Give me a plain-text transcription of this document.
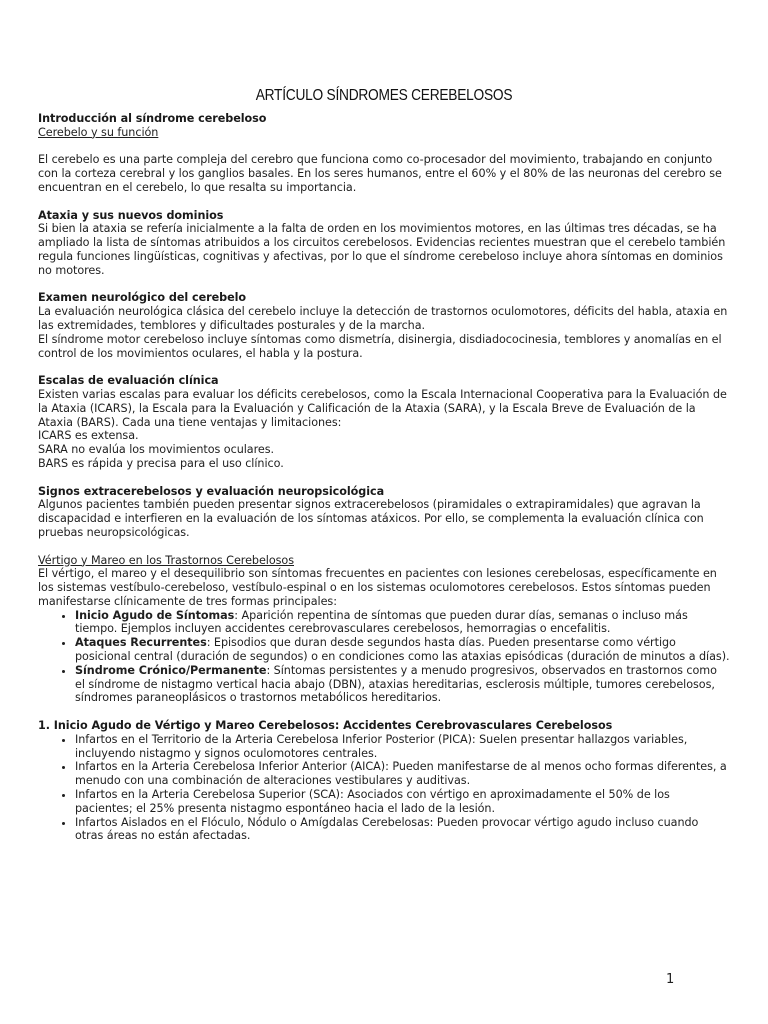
ARTÍCULO SÍNDROMES CEREBELOSOS

Introducción al síndrome cerebeloso

Cerebelo y su función

El cerebelo es una parte compleja del cerebro que funciona como co-procesador del movimiento, trabajando en conjunto con la corteza cerebral y los ganglios basales. En los seres humanos, entre el 60% y el 80% de las neuronas del cerebro se encuentran en el cerebelo, lo que resalta su importancia.

Ataxia y sus nuevos dominios

Si bien la ataxia se refería inicialmente a la falta de orden en los movimientos motores, en las últimas tres décadas, se ha ampliado la lista de síntomas atribuidos a los circuitos cerebelosos. Evidencias recientes muestran que el cerebelo también regula funciones lingüísticas, cognitivas y afectivas, por lo que el síndrome cerebeloso incluye ahora síntomas en dominios no motores.

Examen neurológico del cerebelo

La evaluación neurológica clásica del cerebelo incluye la detección de trastornos oculomotores, déficits del habla, ataxia en las extremidades, temblores y dificultades posturales y de la marcha.

El síndrome motor cerebeloso incluye síntomas como dismetría, disinergia, disdiadococinesia, temblores y anomalías en el control de los movimientos oculares, el habla y la postura.

Escalas de evaluación clínica

Existen varias escalas para evaluar los déficits cerebelosos, como la Escala Internacional Cooperativa para la Evaluación de la Ataxia (ICARS), la Escala para la Evaluación y Calificación de la Ataxia (SARA), y la Escala Breve de Evaluación de la Ataxia (BARS). Cada una tiene ventajas y limitaciones:

ICARS es extensa.

SARA no evalúa los movimientos oculares.

BARS es rápida y precisa para el uso clínico.

Signos extracerebelosos y evaluación neuropsicológica

Algunos pacientes también pueden presentar signos extracerebelosos (piramidales o extrapiramidales) que agravan la discapacidad e interfieren en la evaluación de los síntomas atáxicos. Por ello, se complementa la evaluación clínica con pruebas neuropsicológicas.

Vértigo y Mareo en los Trastornos Cerebelosos

El vértigo, el mareo y el desequilibrio son síntomas frecuentes en pacientes con lesiones cerebelosas, específicamente en los sistemas vestíbulo-cerebeloso, vestíbulo-espinal o en los sistemas oculomotores cerebelosos. Estos síntomas pueden manifestarse clínicamente de tres formas principales:

• Inicio Agudo de Síntomas: Aparición repentina de síntomas que pueden durar días, semanas o incluso más tiempo. Ejemplos incluyen accidentes cerebrovasculares cerebelosos, hemorragias o encefalitis.
• Ataques Recurrentes: Episodios que duran desde segundos hasta días. Pueden presentarse como vértigo posicional central (duración de segundos) o en condiciones como las ataxias episódicas (duración de minutos a días).
• Síndrome Crónico/Permanente: Síntomas persistentes y a menudo progresivos, observados en trastornos como el síndrome de nistagmo vertical hacia abajo (DBN), ataxias hereditarias, esclerosis múltiple, tumores cerebelosos, síndromes paraneoplásicos o trastornos metabólicos hereditarios.

1. Inicio Agudo de Vértigo y Mareo Cerebelosos: Accidentes Cerebrovasculares Cerebelosos

• Infartos en el Territorio de la Arteria Cerebelosa Inferior Posterior (PICA): Suelen presentar hallazgos variables, incluyendo nistagmo y signos oculomotores centrales.
• Infartos en la Arteria Cerebelosa Inferior Anterior (AICA): Pueden manifestarse de al menos ocho formas diferentes, a menudo con una combinación de alteraciones vestibulares y auditivas.
• Infartos en la Arteria Cerebelosa Superior (SCA): Asociados con vértigo en aproximadamente el 50% de los pacientes; el 25% presenta nistagmo espontáneo hacia el lado de la lesión.
• Infartos Aislados en el Flóculo, Nódulo o Amígdalas Cerebelosas: Pueden provocar vértigo agudo incluso cuando otras áreas no están afectadas.
1
